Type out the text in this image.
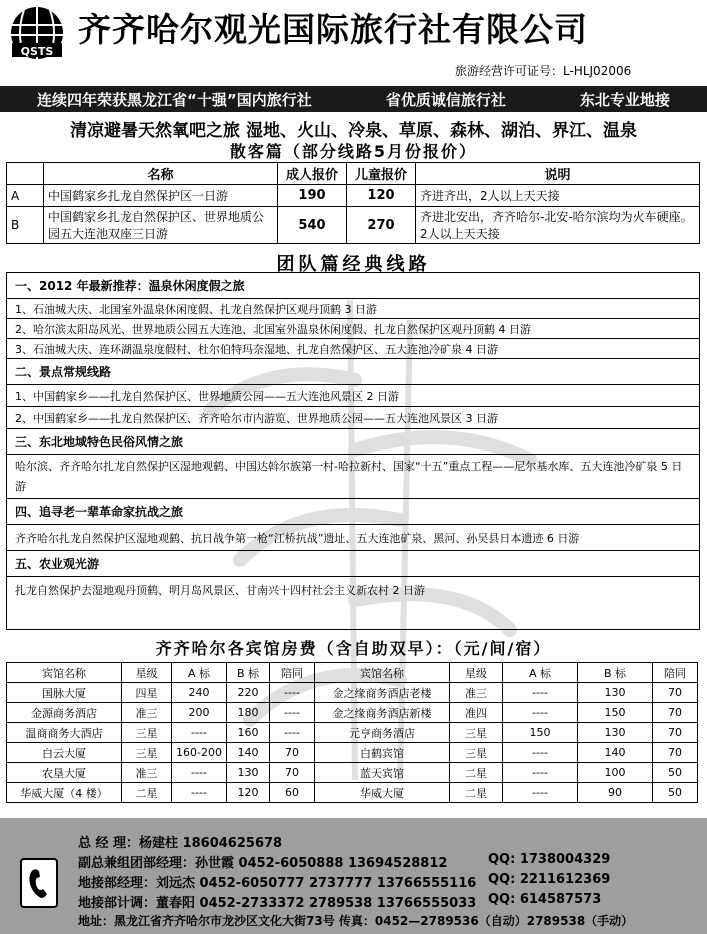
QSTS
齐齐哈尔观光国际旅行社有限公司
旅游经营许可证号：L-HLJ02006
连续四年荣获黑龙江省“十强”国内旅行社	省优质诚信旅行社	东北专业地接
清凉避暑天然氧吧之旅 湿地、火山、冷泉、草原、森林、湖泊、界江、温泉
散客篇（部分线路5月份报价）
	名称	成人报价	儿童报价	说明
A	中国鹤家乡扎龙自然保护区一日游	190	120	齐进齐出，2人以上天天接
B	中国鹤家乡扎龙自然保护区、世界地质公园五大连池双座三日游	540	270	齐进北安出，齐齐哈尔-北安-哈尔滨均为火车硬座。2人以上天天接
团队篇经典线路
一、2012 年最新推荐：温泉休闲度假之旅
1、石油城大庆、北国室外温泉休闲度假、扎龙自然保护区观丹顶鹤 3 日游
2、哈尔滨太阳岛风光、世界地质公园五大连池、北国室外温泉休闲度假、扎龙自然保护区观丹顶鹤 4 日游
3、石油城大庆、连环湖温泉度假村、杜尔伯特玛奈湿地、扎龙自然保护区、五大连池冷矿泉 4 日游
二、景点常规线路
1、中国鹤家乡——扎龙自然保护区、世界地质公园——五大连池风景区 2 日游
2、中国鹤家乡——扎龙自然保护区、齐齐哈尔市内游览、世界地质公园——五大连池风景区 3 日游
三、东北地域特色民俗风情之旅
哈尔滨、齐齐哈尔扎龙自然保护区湿地观鹤、中国达斡尔族第一村-哈拉新村、国家“十五”重点工程——尼尔基水库、五大连池冷矿泉 5 日游
四、追寻老一辈革命家抗战之旅
齐齐哈尔扎龙自然保护区湿地观鹤、抗日战争第一枪“江桥抗战”遗址、五大连池矿泉、黑河、孙吴县日本遗迹 6 日游
五、农业观光游
扎龙自然保护去湿地观丹顶鹤、明月岛风景区、甘南兴十四村社会主义新农村 2 日游
齐齐哈尔各宾馆房费（含自助双早）：（元/间/宿）
宾馆名称	星级	A 标	B 标	陪同	宾馆名称	星级	A 标	B 标	陪同
国脉大厦	四星	240	220	----	金之缘商务酒店老楼	准三	----	130	70
金源商务酒店	准三	200	180	----	金之缘商务酒店新楼	准四	----	150	70
温商商务大酒店	三星	----	160	----	元亨商务酒店	三星	150	130	70
白云大厦	三星	160-200	140	70	白鹤宾馆	三星	----	140	70
农垦大厦	准三	----	130	70	蓝天宾馆	二星	----	100	50
华威大厦（4 楼）	二星	----	120	60	华威大厦	二星	----	90	50
总 经 理：杨建柱 18604625678
副总兼组团部经理：孙世霞 0452-6050888 13694528812	QQ: 1738004329
地接部经理：刘远杰 0452-6050777 2737777 13766555116 QQ: 2211612369
地接部计调：董春阳 0452-2733372 2789538 13766555033 QQ: 614587573
地址：黑龙江省齐齐哈尔市龙沙区文化大街73号 传真：0452—2789536（自动）2789538（手动）
